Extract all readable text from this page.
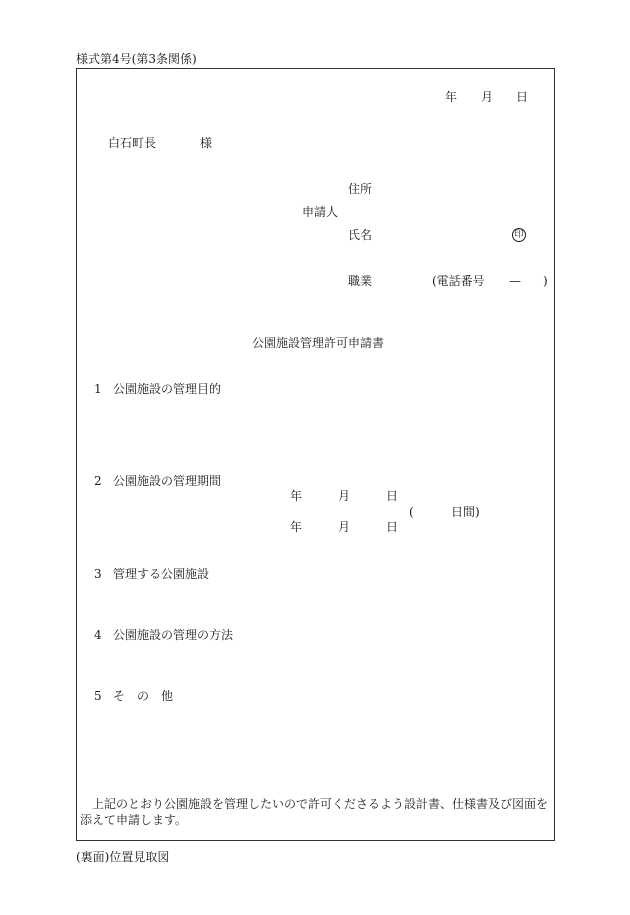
様式第4号(第3条関係)
年 月 日
白石町長	様
住所
申請人
氏名	印
職業	(電話番号 — )
公園施設管理許可申請書
1 公園施設の管理目的
2 公園施設の管理期間
年	月	日
(	日間)
年	月	日
3 管理する公園施設
4 公園施設の管理の方法
5 そ　の　他
上記のとおり公園施設を管理したいので許可くださるよう設計書、仕様書及び図面を
添えて申請します。
(裏面)位置見取図
